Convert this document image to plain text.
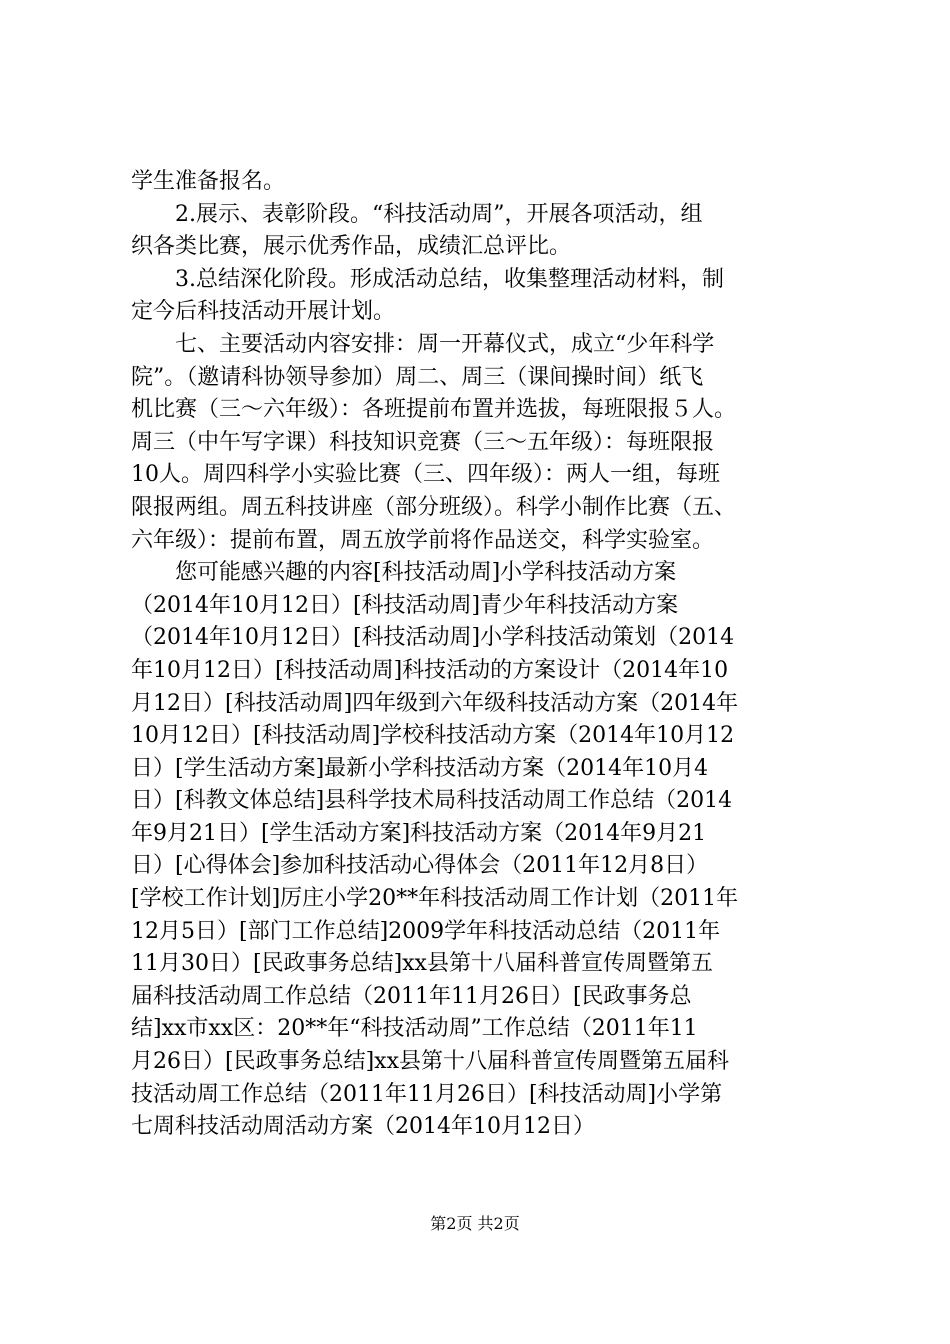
学生准备报名。
　　2.展示、表彰阶段。“科技活动周”，开展各项活动，组
织各类比赛，展示优秀作品，成绩汇总评比。
　　3.总结深化阶段。形成活动总结，收集整理活动材料，制
定今后科技活动开展计划。
　　七、主要活动内容安排：周一开幕仪式，成立“少年科学
院”。（邀请科协领导参加）周二、周三（课间操时间）纸飞
机比赛（三～六年级）：各班提前布置并选拔，每班限报５人。
周三（中午写字课）科技知识竞赛（三～五年级）：每班限报
10人。周四科学小实验比赛（三、四年级）：两人一组，每班
限报两组。周五科技讲座（部分班级）。科学小制作比赛（五、
六年级）：提前布置，周五放学前将作品送交，科学实验室。
　　您可能感兴趣的内容[科技活动周]小学科技活动方案
（2014年10月12日）[科技活动周]青少年科技活动方案
（2014年10月12日）[科技活动周]小学科技活动策划（2014
年10月12日）[科技活动周]科技活动的方案设计（2014年10
月12日）[科技活动周]四年级到六年级科技活动方案（2014年
10月12日）[科技活动周]学校科技活动方案（2014年10月12
日）[学生活动方案]最新小学科技活动方案（2014年10月4
日）[科教文体总结]县科学技术局科技活动周工作总结（2014
年9月21日）[学生活动方案]科技活动方案（2014年9月21
日）[心得体会]参加科技活动心得体会（2011年12月8日）
[学校工作计划]厉庄小学20**年科技活动周工作计划（2011年
12月5日）[部门工作总结]2009学年科技活动总结（2011年
11月30日）[民政事务总结]xx县第十八届科普宣传周暨第五
届科技活动周工作总结（2011年11月26日）[民政事务总
结]xx市xx区：20**年“科技活动周”工作总结（2011年11
月26日）[民政事务总结]xx县第十八届科普宣传周暨第五届科
技活动周工作总结（2011年11月26日）[科技活动周]小学第
七周科技活动周活动方案（2014年10月12日）
第2页 共2页
